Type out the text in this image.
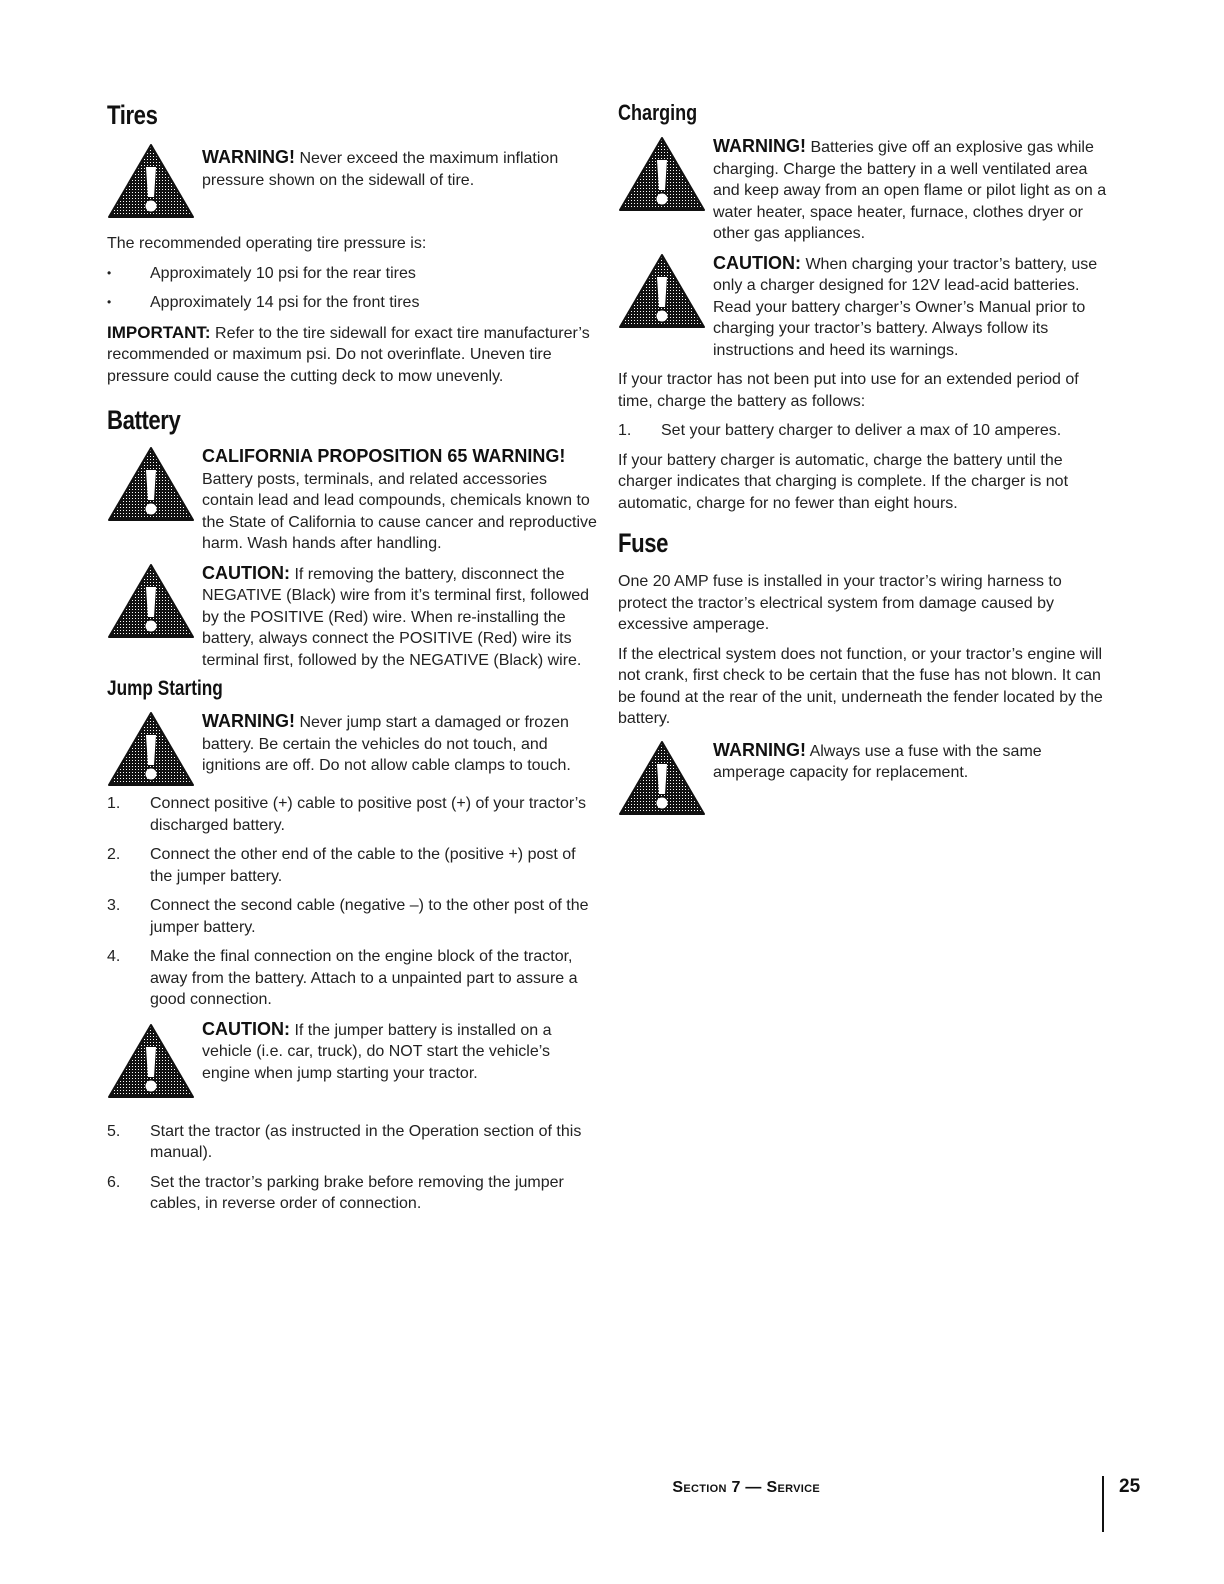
Tires

WARNING! Never exceed the maximum inflation pressure shown on the sidewall of tire.

The recommended operating tire pressure is:

• Approximately 10 psi for the rear tires
• Approximately 14 psi for the front tires

IMPORTANT: Refer to the tire sidewall for exact tire manufacturer’s recommended or maximum psi. Do not overinflate. Uneven tire pressure could cause the cutting deck to mow unevenly.

Battery

CALIFORNIA PROPOSITION 65 WARNING!

Battery posts, terminals, and related accessories contain lead and lead compounds, chemicals known to the State of California to cause cancer and reproductive harm. Wash hands after handling.

CAUTION: If removing the battery, disconnect the NEGATIVE (Black) wire from it’s terminal first, followed by the POSITIVE (Red) wire. When re-installing the battery, always connect the POSITIVE (Red) wire its terminal first, followed by the NEGATIVE (Black) wire.

Jump Starting

WARNING! Never jump start a damaged or frozen battery. Be certain the vehicles do not touch, and ignitions are off. Do not allow cable clamps to touch.

1. Connect positive (+) cable to positive post (+) of your tractor’s discharged battery.
2. Connect the other end of the cable to the (positive +) post of the jumper battery.
3. Connect the second cable (negative –) to the other post of the jumper battery.
4. Make the final connection on the engine block of the tractor, away from the battery. Attach to a unpainted part to assure a good connection.

CAUTION: If the jumper battery is installed on a vehicle (i.e. car, truck), do NOT start the vehicle’s engine when jump starting your tractor.

5. Start the tractor (as instructed in the Operation section of this manual).
6. Set the tractor’s parking brake before removing the jumper cables, in reverse order of connection.
Charging

WARNING! Batteries give off an explosive gas while charging. Charge the battery in a well ventilated area and keep away from an open flame or pilot light as on a water heater, space heater, furnace, clothes dryer or other gas appliances.

CAUTION: When charging your tractor’s battery, use only a charger designed for 12V lead-acid batteries. Read your battery charger’s Owner’s Manual prior to charging your tractor’s battery. Always follow its instructions and heed its warnings.

If your tractor has not been put into use for an extended period of time, charge the battery as follows:

1. Set your battery charger to deliver a max of 10 amperes.

If your battery charger is automatic, charge the battery until the charger indicates that charging is complete. If the charger is not automatic, charge for no fewer than eight hours.

Fuse

One 20 AMP fuse is installed in your tractor’s wiring harness to protect the tractor’s electrical system from damage caused by excessive amperage.

If the electrical system does not function, or your tractor’s engine will not crank, first check to be certain that the fuse has not blown. It can be found at the rear of the unit, underneath the fender located by the battery.

WARNING! Always use a fuse with the same amperage capacity for replacement.

Section 7 — Service	25
